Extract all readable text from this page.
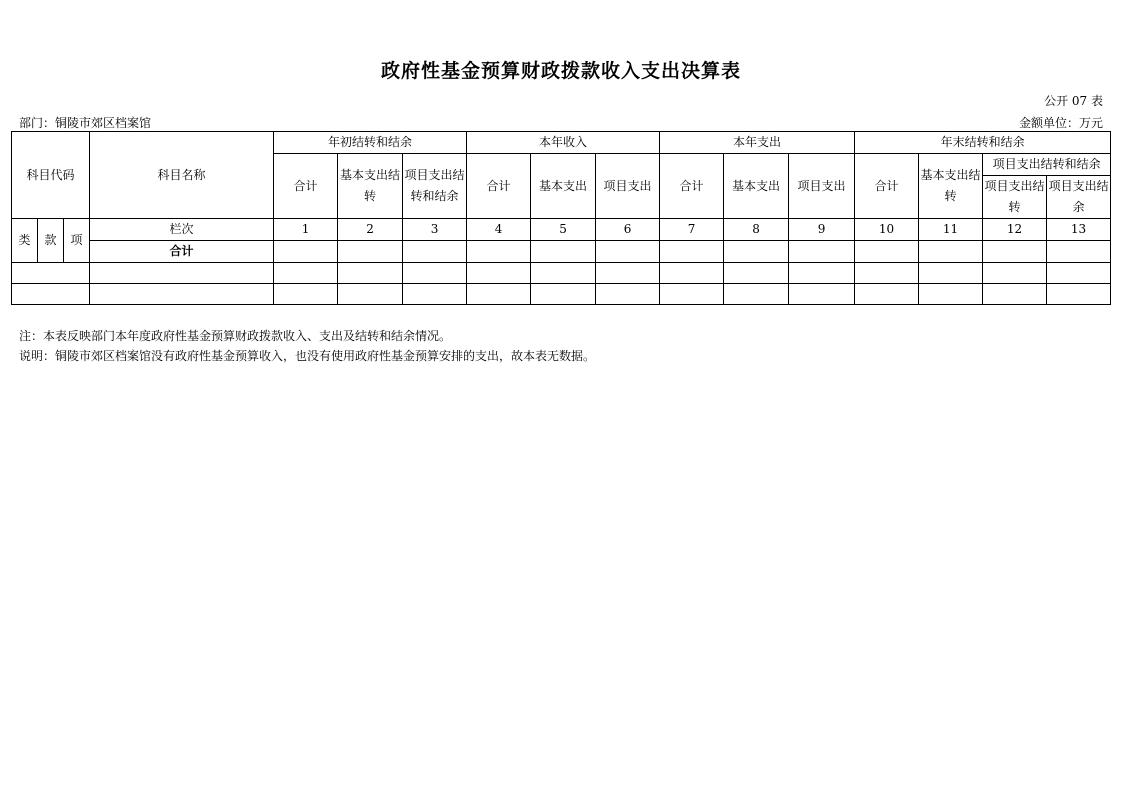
政府性基金预算财政拨款收入支出决算表
公开 07 表
部门：铜陵市郊区档案馆	金额单位：万元
科目代码			科目名称	年初结转和结余			本年收入			本年支出			年末结转和结余			
				合计	基本支出结转	项目支出结转和结余	合计	基本支出	项目支出	合计	基本支出	项目支出	合计	基本支出结转	项目支出结转和结余	
															项目支出结转	项目支出结余
类	款	项	栏次	1	2	3	4	5	6	7	8	9	10	11	12	13
			合计													

注：本表反映部门本年度政府性基金预算财政拨款收入、支出及结转和结余情况。
说明：铜陵市郊区档案馆没有政府性基金预算收入，也没有使用政府性基金预算安排的支出，故本表无数据。
